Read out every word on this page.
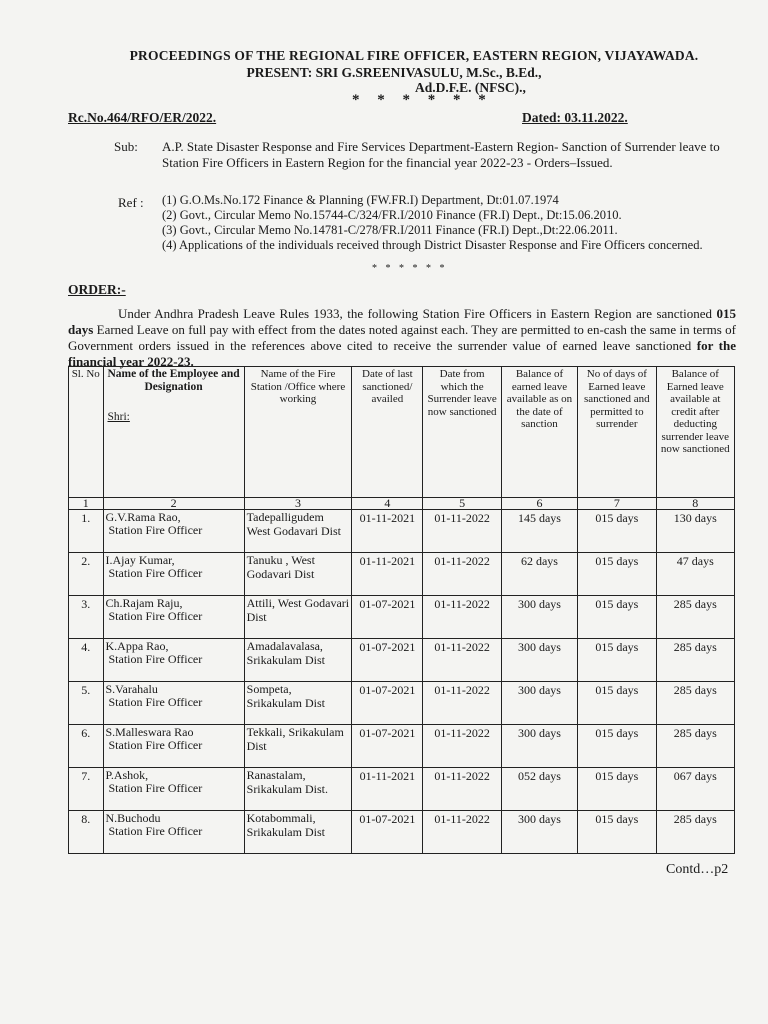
PROCEEDINGS OF THE REGIONAL FIRE OFFICER, EASTERN REGION, VIJAYAWADA.
PRESENT: SRI G.SREENIVASULU, M.Sc., B.Ed.,
Ad.D.F.E. (NFSC).,
* * * * * *
Rc.No.464/RFO/ER/2022.	Dated: 03.11.2022.
Sub: A.P. State Disaster Response and Fire Services Department-Eastern Region- Sanction of Surrender leave to Station Fire Officers in Eastern Region for the financial year 2022-23 - Orders–Issued.
Ref : (1) G.O.Ms.No.172 Finance & Planning (FW.FR.I) Department, Dt:01.07.1974
(2) Govt., Circular Memo No.15744-C/324/FR.I/2010 Finance (FR.I) Dept., Dt:15.06.2010.
(3) Govt., Circular Memo No.14781-C/278/FR.I/2011 Finance (FR.I) Dept.,Dt:22.06.2011.
(4) Applications of the individuals received through District Disaster Response and Fire Officers concerned.
* * * * * *
ORDER:-
Under Andhra Pradesh Leave Rules 1933, the following Station Fire Officers in Eastern Region are sanctioned 015 days Earned Leave on full pay with effect from the dates noted against each. They are permitted to en-cash the same in terms of Government orders issued in the references above cited to receive the surrender value of earned leave sanctioned for the financial year 2022-23.
Sl. No	Name of the Employee and Designation
Shri:	Name of the Fire Station /Office where working	Date of last sanctioned/ availed	Date from which the Surrender leave now sanctioned	Balance of earned leave available as on the date of sanction	No of days of Earned leave sanctioned and permitted to surrender	Balance of Earned leave available at credit after deducting surrender leave now sanctioned
1	2	3	4	5	6	7	8
1.	G.V.Rama Rao,
Station Fire Officer	Tadepalligudem West Godavari Dist	01-11-2021	01-11-2022	145 days	015 days	130 days
2.	I.Ajay Kumar,
Station Fire Officer	Tanuku , West Godavari Dist	01-11-2021	01-11-2022	62 days	015 days	47 days
3.	Ch.Rajam Raju,
Station Fire Officer	Attili, West Godavari Dist	01-07-2021	01-11-2022	300 days	015 days	285 days
4.	K.Appa Rao,
Station Fire Officer	Amadalavalasa, Srikakulam Dist	01-07-2021	01-11-2022	300 days	015 days	285 days
5.	S.Varahalu
Station Fire Officer	Sompeta, Srikakulam Dist	01-07-2021	01-11-2022	300 days	015 days	285 days
6.	S.Malleswara Rao
Station Fire Officer	Tekkali, Srikakulam Dist	01-07-2021	01-11-2022	300 days	015 days	285 days
7.	P.Ashok,
Station Fire Officer	Ranastalam, Srikakulam Dist.	01-11-2021	01-11-2022	052 days	015 days	067 days
8.	N.Buchodu
Station Fire Officer	Kotabommali, Srikakulam Dist	01-07-2021	01-11-2022	300 days	015 days	285 days
Contd…p2
